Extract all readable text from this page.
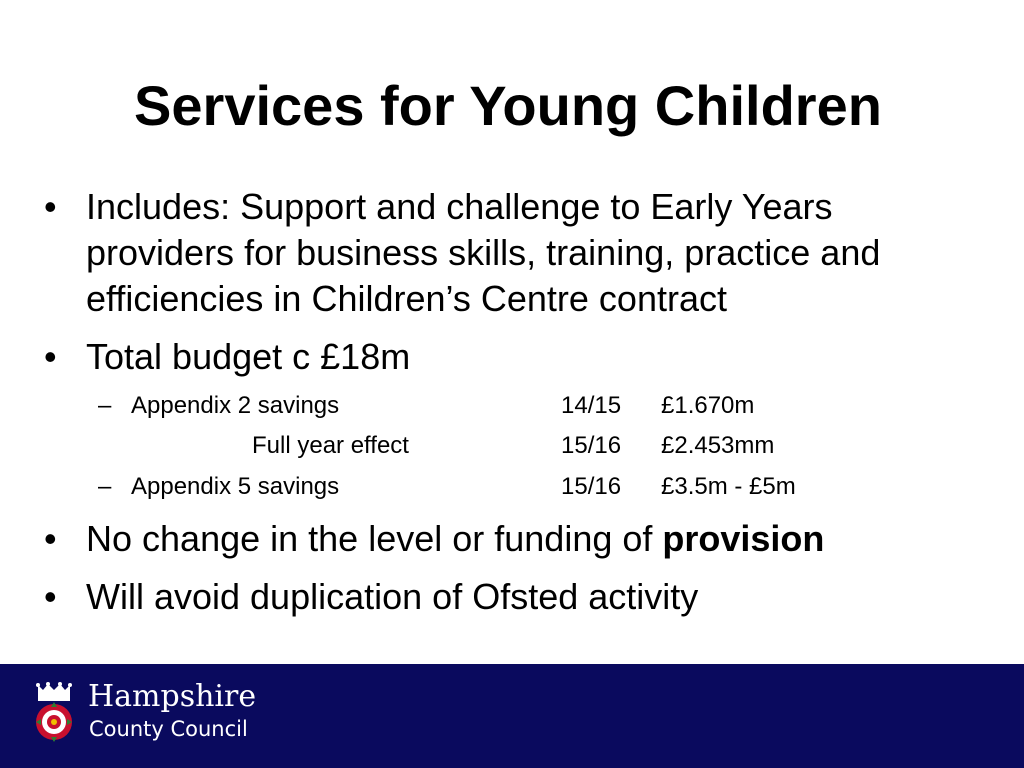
Services for Young Children
• Includes: Support and challenge to Early Years providers for business skills, training, practice and efficiencies in Children’s Centre contract
• Total budget c £18m
– Appendix 2 savings	14/15 £1.670m
Full year effect	15/16 £2.453mm
– Appendix 5 savings	15/16 £3.5m - £5m
• No change in the level or funding of provision
• Will avoid duplication of Ofsted activity
Hampshire
County Council
